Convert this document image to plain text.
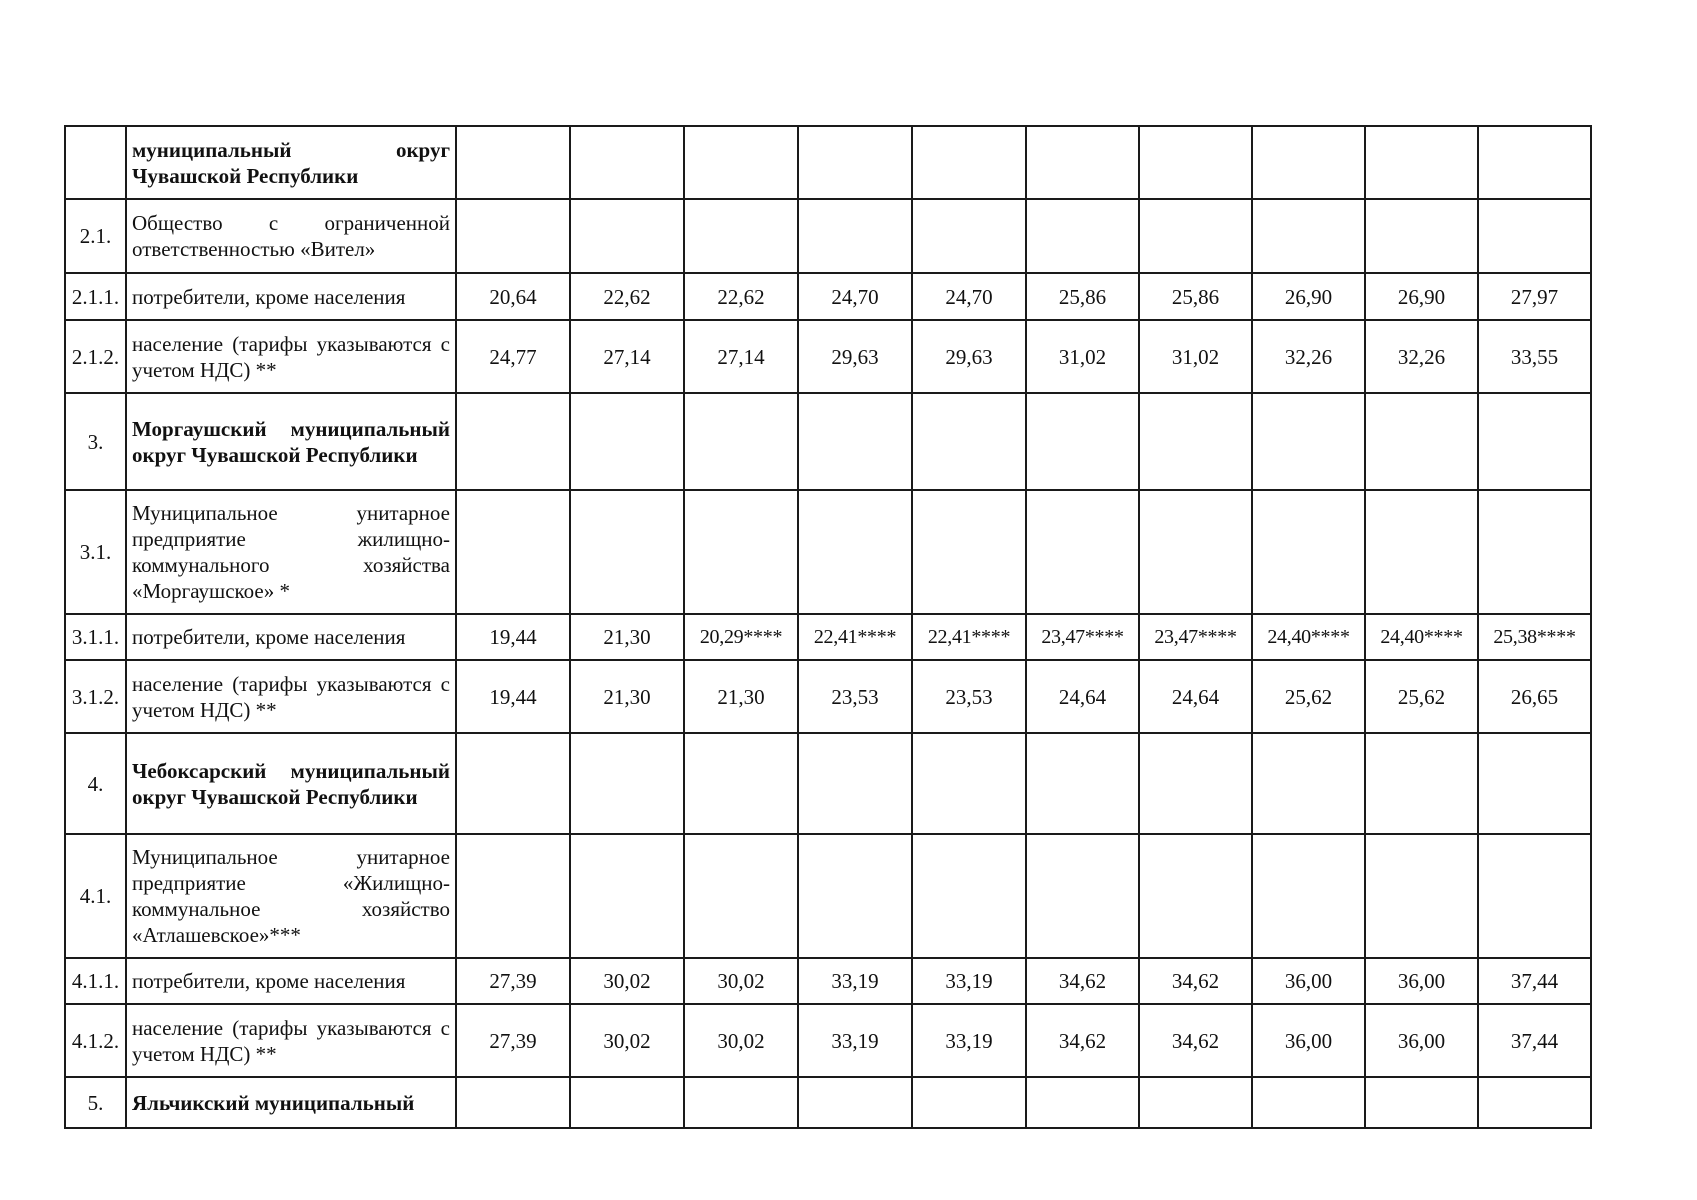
	муниципальный округ Чувашской Республики										
2.1.	Общество с ограниченной ответственностью «Вител»										
2.1.1.	потребители, кроме населения	20,64	22,62	22,62	24,70	24,70	25,86	25,86	26,90	26,90	27,97
2.1.2.	население (тарифы указываются с учетом НДС) **	24,77	27,14	27,14	29,63	29,63	31,02	31,02	32,26	32,26	33,55
3.	Моргаушский муниципальный округ Чувашской Республики										
3.1.	Муниципальное унитарное предприятие жилищно-коммунального хозяйства «Моргаушское» *										
3.1.1.	потребители, кроме населения	19,44	21,30	20,29****	22,41****	22,41****	23,47****	23,47****	24,40****	24,40****	25,38****
3.1.2.	население (тарифы указываются с учетом НДС) **	19,44	21,30	21,30	23,53	23,53	24,64	24,64	25,62	25,62	26,65
4.	Чебоксарский муниципальный округ Чувашской Республики										
4.1.	Муниципальное унитарное предприятие «Жилищно-коммунальное хозяйство «Атлашевское»***										
4.1.1.	потребители, кроме населения	27,39	30,02	30,02	33,19	33,19	34,62	34,62	36,00	36,00	37,44
4.1.2.	население (тарифы указываются с учетом НДС) **	27,39	30,02	30,02	33,19	33,19	34,62	34,62	36,00	36,00	37,44
5.	Яльчикский муниципальный										
